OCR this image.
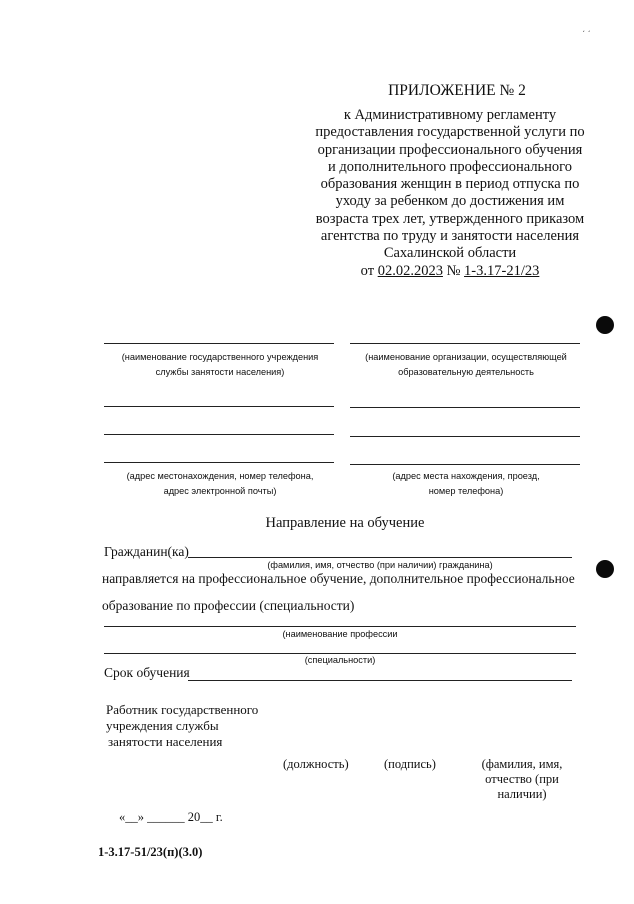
ˏ ˏ
ПРИЛОЖЕНИЕ № 2
к Административному регламенту
предоставления государственной услуги по
организации профессионального обучения
и дополнительного профессионального
образования женщин в период отпуска по
уходу за ребенком до достижения им
возраста трех лет, утвержденного приказом
агентства по труду и занятости населения
Сахалинской области
от 02.02.2023 № 1-3.17-21/23
(наименование государственного учреждения
службы занятости населения)
(наименование организации, осуществляющей
образовательную деятельность
(адрес местонахождения, номер телефона,
адрес электронной почты)
(адрес места нахождения, проезд,
номер телефона)
Направление на обучение
Гражданин(ка)
(фамилия, имя, отчество (при наличии) гражданина)
направляется на профессиональное обучение, дополнительное профессиональное
образование по профессии (специальности)
(наименование профессии
(специальности)
Срок обучения
Работник государственного
учреждения службы
занятости населения
(должность)	(подпись)	(фамилия, имя,
отчество (при
наличии)
«__» ______ 20__ г.
1-3.17-51/23(п)(3.0)
